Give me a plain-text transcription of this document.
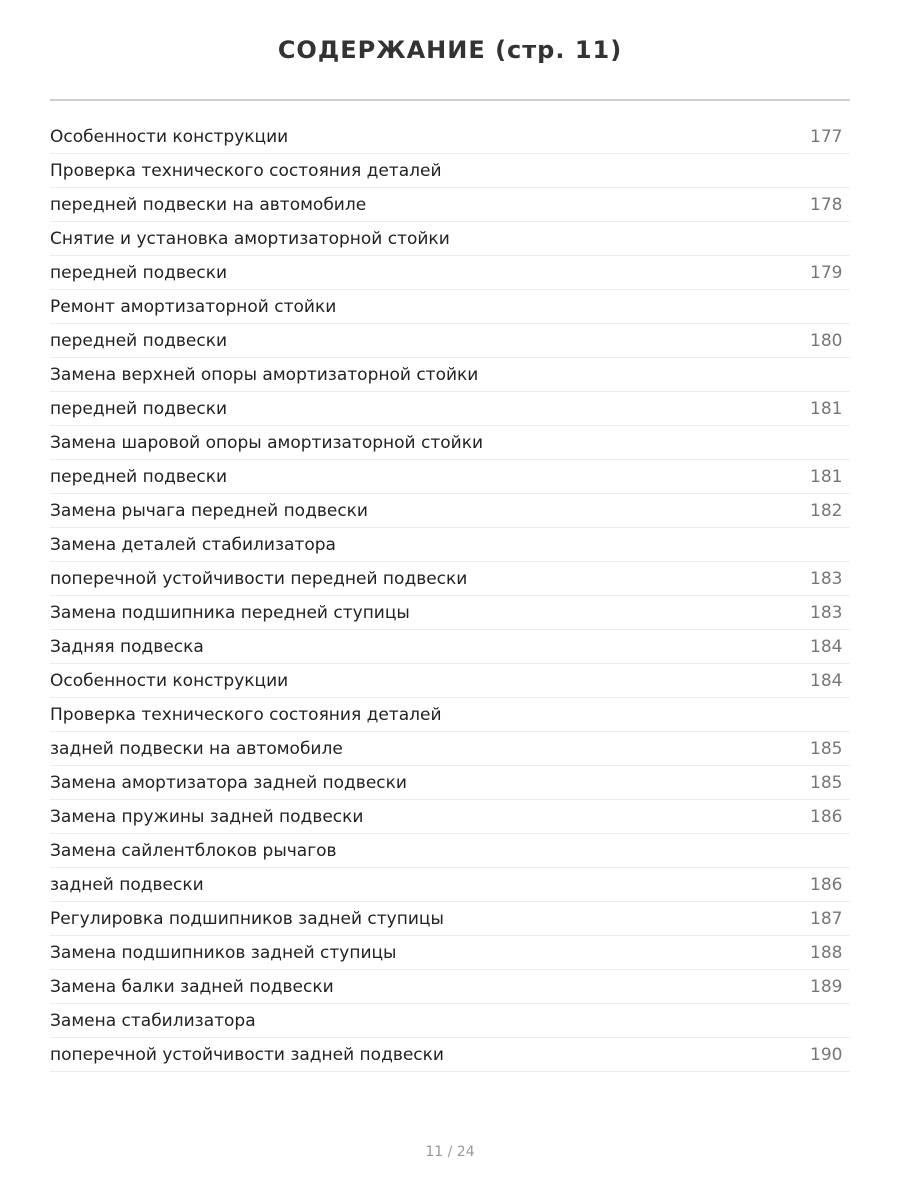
СОДЕРЖАНИЕ (стр. 11)
Особенности конструкции	177
Проверка технического состояния деталей
передней подвески на автомобиле	178
Снятие и установка амортизаторной стойки
передней подвески	179
Ремонт амортизаторной стойки
передней подвески	180
Замена верхней опоры амортизаторной стойки
передней подвески	181
Замена шаровой опоры амортизаторной стойки
передней подвески	181
Замена рычага передней подвески	182
Замена деталей стабилизатора
поперечной устойчивости передней подвески	183
Замена подшипника передней ступицы	183
Задняя подвеска	184
Особенности конструкции	184
Проверка технического состояния деталей
задней подвески на автомобиле	185
Замена амортизатора задней подвески	185
Замена пружины задней подвески	186
Замена сайлентблоков рычагов
задней подвески	186
Регулировка подшипников задней ступицы	187
Замена подшипников задней ступицы	188
Замена балки задней подвески	189
Замена стабилизатора
поперечной устойчивости задней подвески	190
11 / 24
